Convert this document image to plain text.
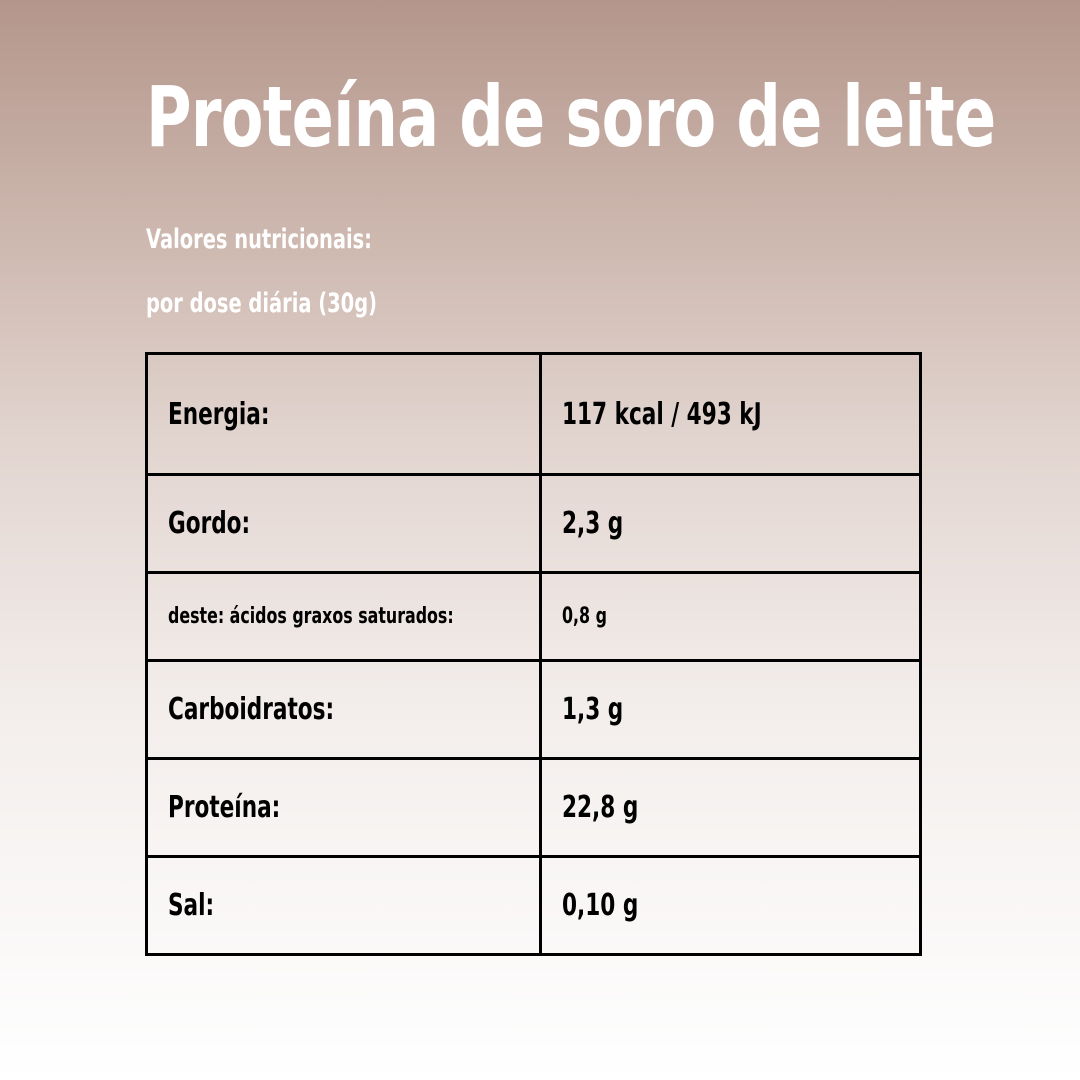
Proteína de soro de leite

Valores nutricionais:

por dose diária (30g)

Energia:	117 kcal / 493 kJ
Gordo:	2,3 g
deste: ácidos graxos saturados:	0,8 g
Carboidratos:	1,3 g
Proteína:	22,8 g
Sal:	0,10 g
